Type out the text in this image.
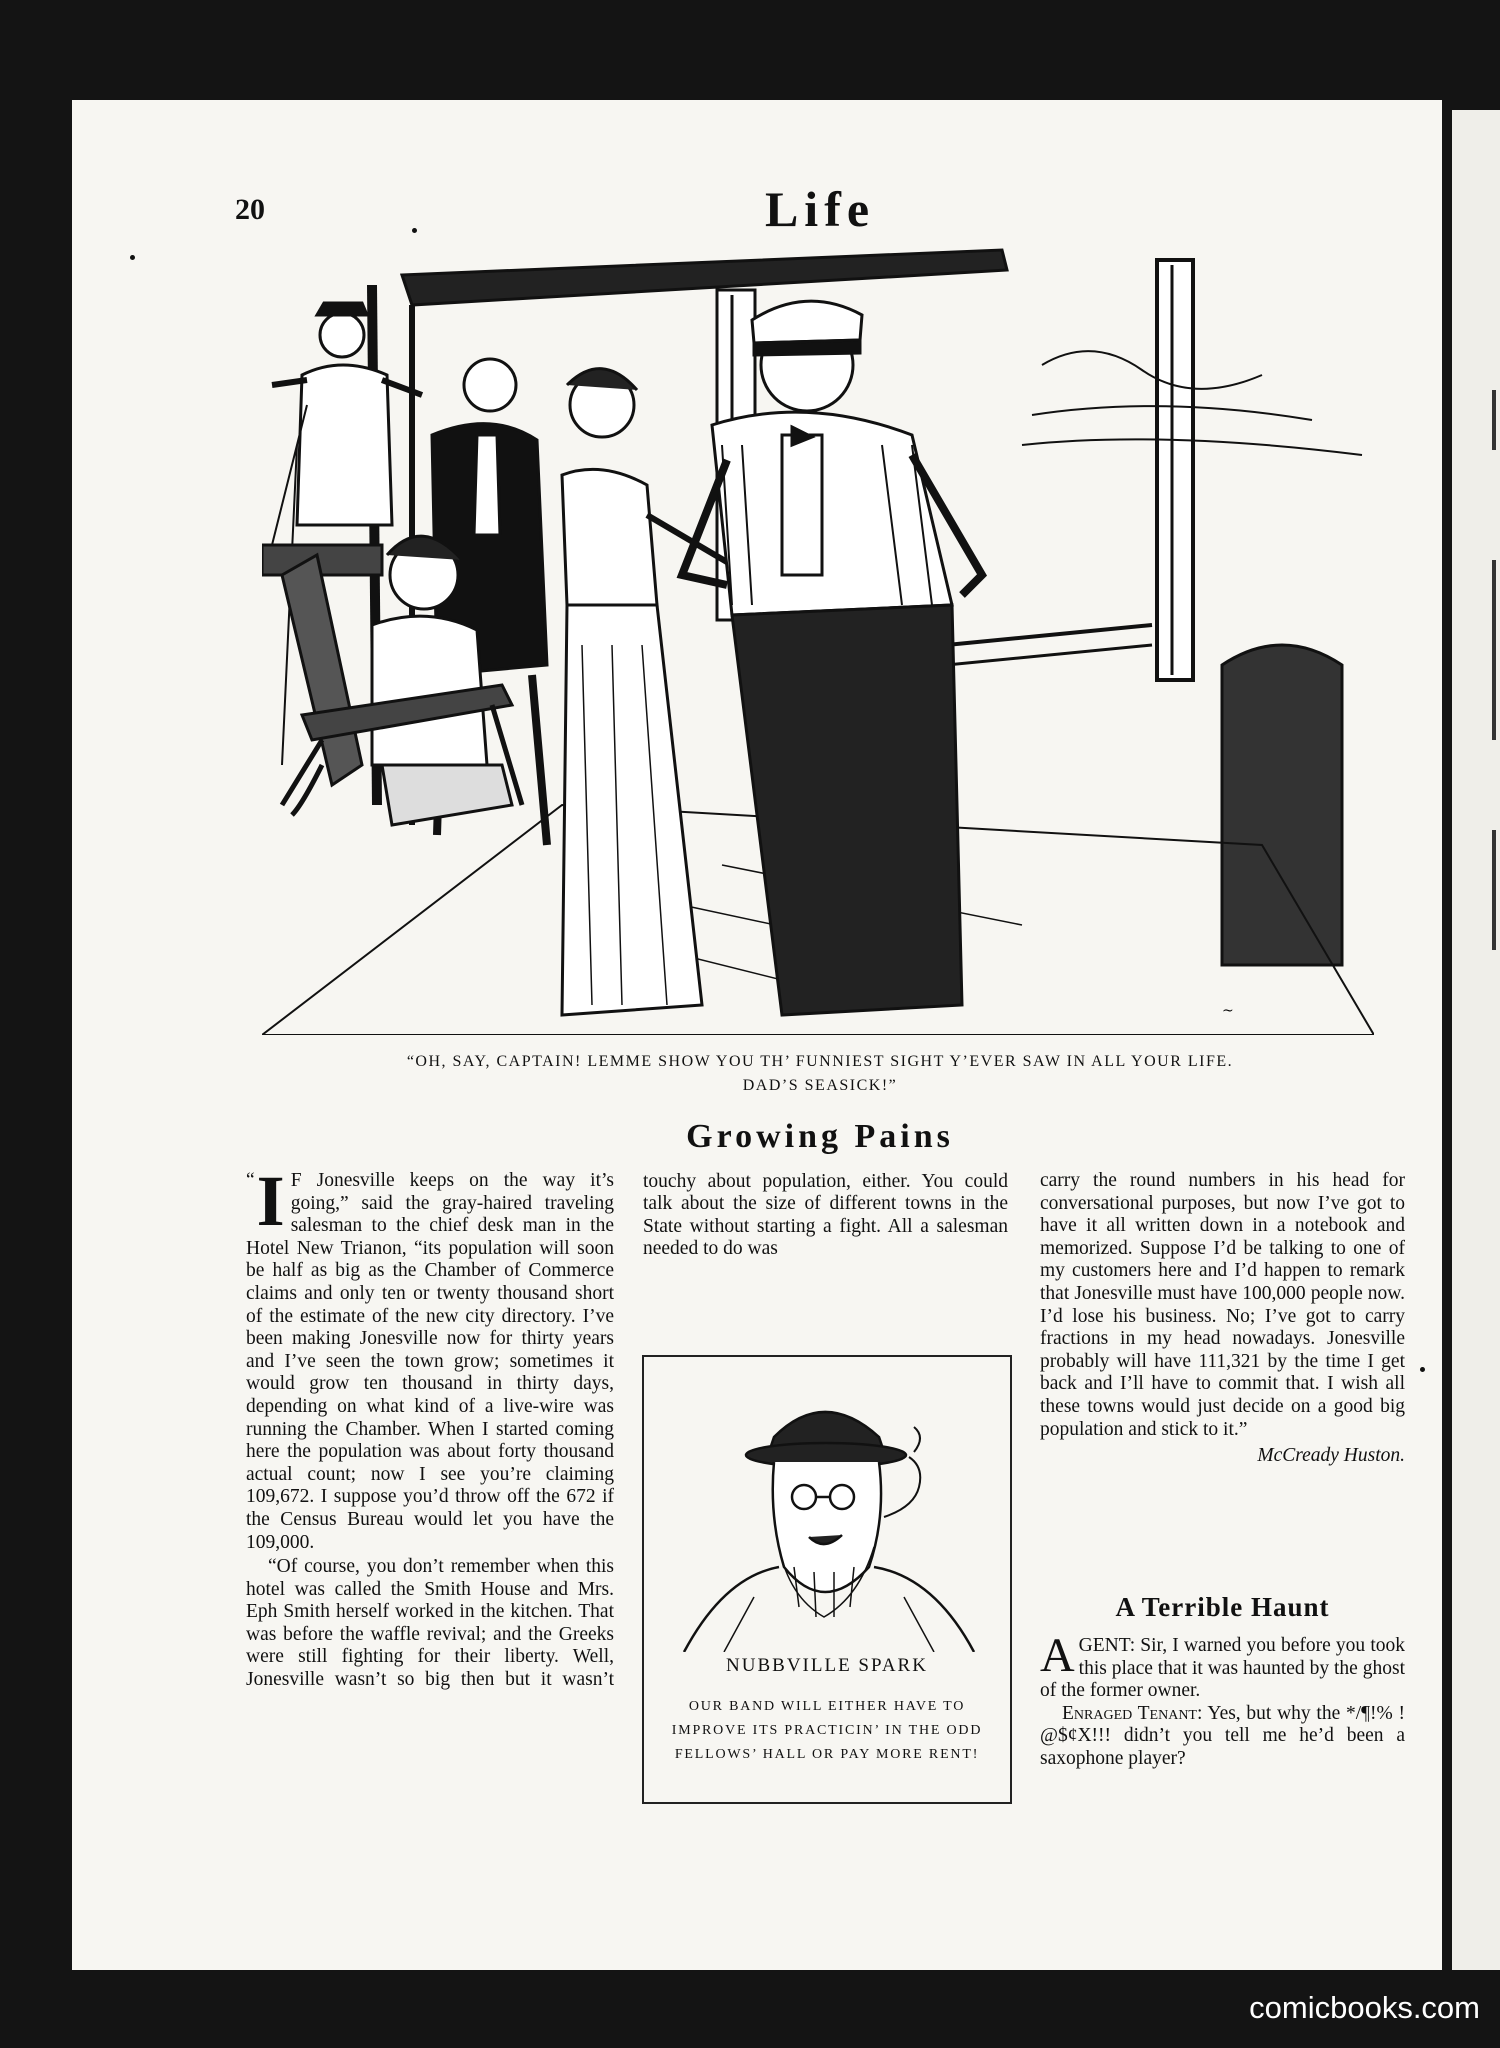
20	Life
~
“OH, SAY, CAPTAIN! LEMME SHOW YOU TH’ FUNNIEST SIGHT Y’EVER SAW IN ALL YOUR LIFE. DAD’S SEASICK!”
Growing Pains

“ I F Jonesville keeps on the way it’s going,” said the gray-haired traveling salesman to the chief desk man in the Hotel New Trianon, “its population will soon be half as big as the Chamber of Commerce claims and only ten or twenty thousand short of the estimate of the new city directory. I’ve been making Jonesville now for thirty years and I’ve seen the town grow; sometimes it would grow ten thousand in thirty days, depending on what kind of a live-wire was running the Chamber. When I started coming here the population was about forty thousand actual count; now I see you’re claiming 109,672. I suppose you’d throw off the 672 if the Census Bureau would let you have the 109,000.

“Of course, you don’t remember when this hotel was called the Smith House and Mrs. Eph Smith herself worked in the kitchen. That was before the waffle revival; and the Greeks were still fighting for their liberty. Well, Jonesville wasn’t so big then but it wasn’t

carry the round numbers in his head for conversational purposes, but now I’ve got to have it all written down in a notebook and memorized. Suppose I’d be talking to one of my customers here and I’d happen to remark that Jonesville must have 100,000 people now. I’d lose his business. No; I’ve got to carry fractions in my head nowadays. Jonesville probably will have 111,321 by the time I get back and I’ll have to commit that. I wish all these towns would just decide on a good big population and stick to it.”

McCready Huston.

NUBBVILLE SPARK
OUR BAND WILL EITHER HAVE TO IMPROVE ITS PRACTICIN’ IN THE ODD FELLOWS’ HALL OR PAY MORE RENT!

touchy about population, either. You could talk about the size of different towns in the State without starting a fight. All a salesman needed to do was

A Terrible Haunt

AGENT: Sir, I warned you before you took this place that it was haunted by the ghost of the former owner.

Enraged Tenant: Yes, but why the */¶!% ! @$¢X!!! didn’t you tell me he’d been a saxophone player?

comicbooks.com
